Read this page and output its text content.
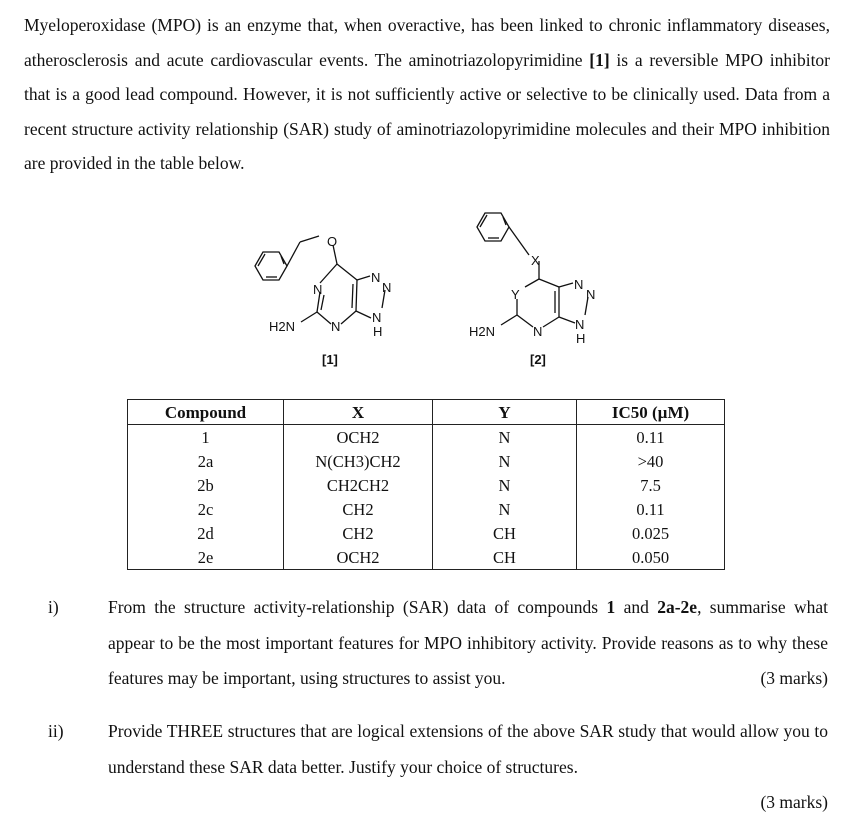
Myeloperoxidase (MPO) is an enzyme that, when overactive, has been linked to chronic inflammatory diseases, atherosclerosis and acute cardiovascular events. The aminotriazolopyrimidine [1] is a reversible MPO inhibitor that is a good lead compound. However, it is not sufficiently active or selective to be clinically used. Data from a recent structure activity relationship (SAR) study of aminotriazolopyrimidine molecules and their MPO inhibition are provided in the table below.
O
N
N
N
N
N
H
H2N
[1]
X
Y
N
N
N
N
H
H2N
[2]
Compound	X	Y	IC50 (µM)
1	OCH2	N	0.11
2a	N(CH3)CH2	N	>40
2b	CH2CH2	N	7.5
2c	CH2	N	0.11
2d	CH2	CH	0.025
2e	OCH2	CH	0.050
i)	From the structure activity-relationship (SAR) data of compounds 1 and 2a-2e, summarise what appear to be the most important features for MPO inhibitory activity. Provide reasons as to why these features may be important, using structures to assist you.	(3 marks)
ii)	Provide THREE structures that are logical extensions of the above SAR study that would allow you to understand these SAR data better. Justify your choice of structures.

(3 marks)
